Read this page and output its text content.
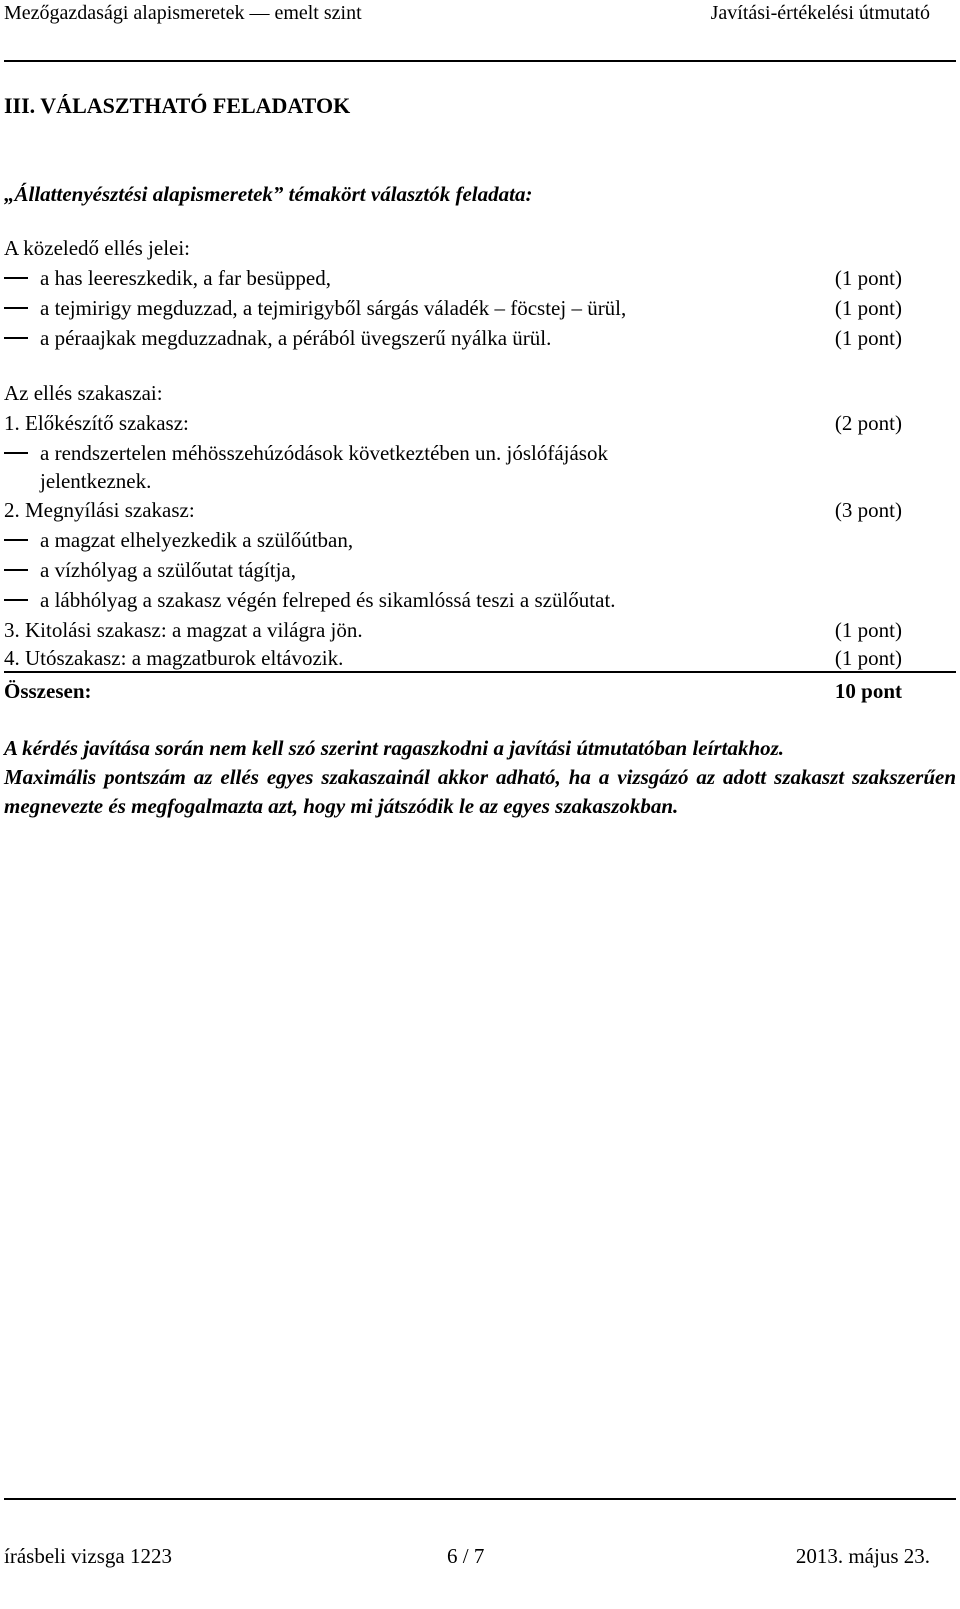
Mezőgazdasági alapismeretek — emelt szint	Javítási-értékelési útmutató
III. VÁLASZTHATÓ FELADATOK
„Állattenyésztési alapismeretek” témakört választók feladata:
A közeledő ellés jelei:
a has leereszkedik, a far besüpped,	(1 pont)
a tejmirigy megduzzad, a tejmirigyből sárgás váladék – föcstej – ürül,	(1 pont)
a péraajkak megduzzadnak, a pérából üvegszerű nyálka ürül.	(1 pont)
Az ellés szakaszai:
1. Előkészítő szakasz:	(2 pont)
a rendszertelen méhösszehúzódások következtében un. jóslófájások
jelentkeznek.
2. Megnyílási szakasz:	(3 pont)
a magzat elhelyezkedik a szülőútban,
a vízhólyag a szülőutat tágítja,
a lábhólyag a szakasz végén felreped és sikamlóssá teszi a szülőutat.
3. Kitolási szakasz: a magzat a világra jön.	(1 pont)
4. Utószakasz: a magzatburok eltávozik.	(1 pont)
Összesen:	10 pont
A kérdés javítása során nem kell szó szerint ragaszkodni a javítási útmutatóban leírtakhoz.
Maximális pontszám az ellés egyes szakaszainál akkor adható, ha a vizsgázó az adott szakaszt szakszerűen megnevezte és megfogalmazta azt, hogy mi játszódik le az egyes szakaszokban.
írásbeli vizsga 1223	6 / 7	2013. május 23.
